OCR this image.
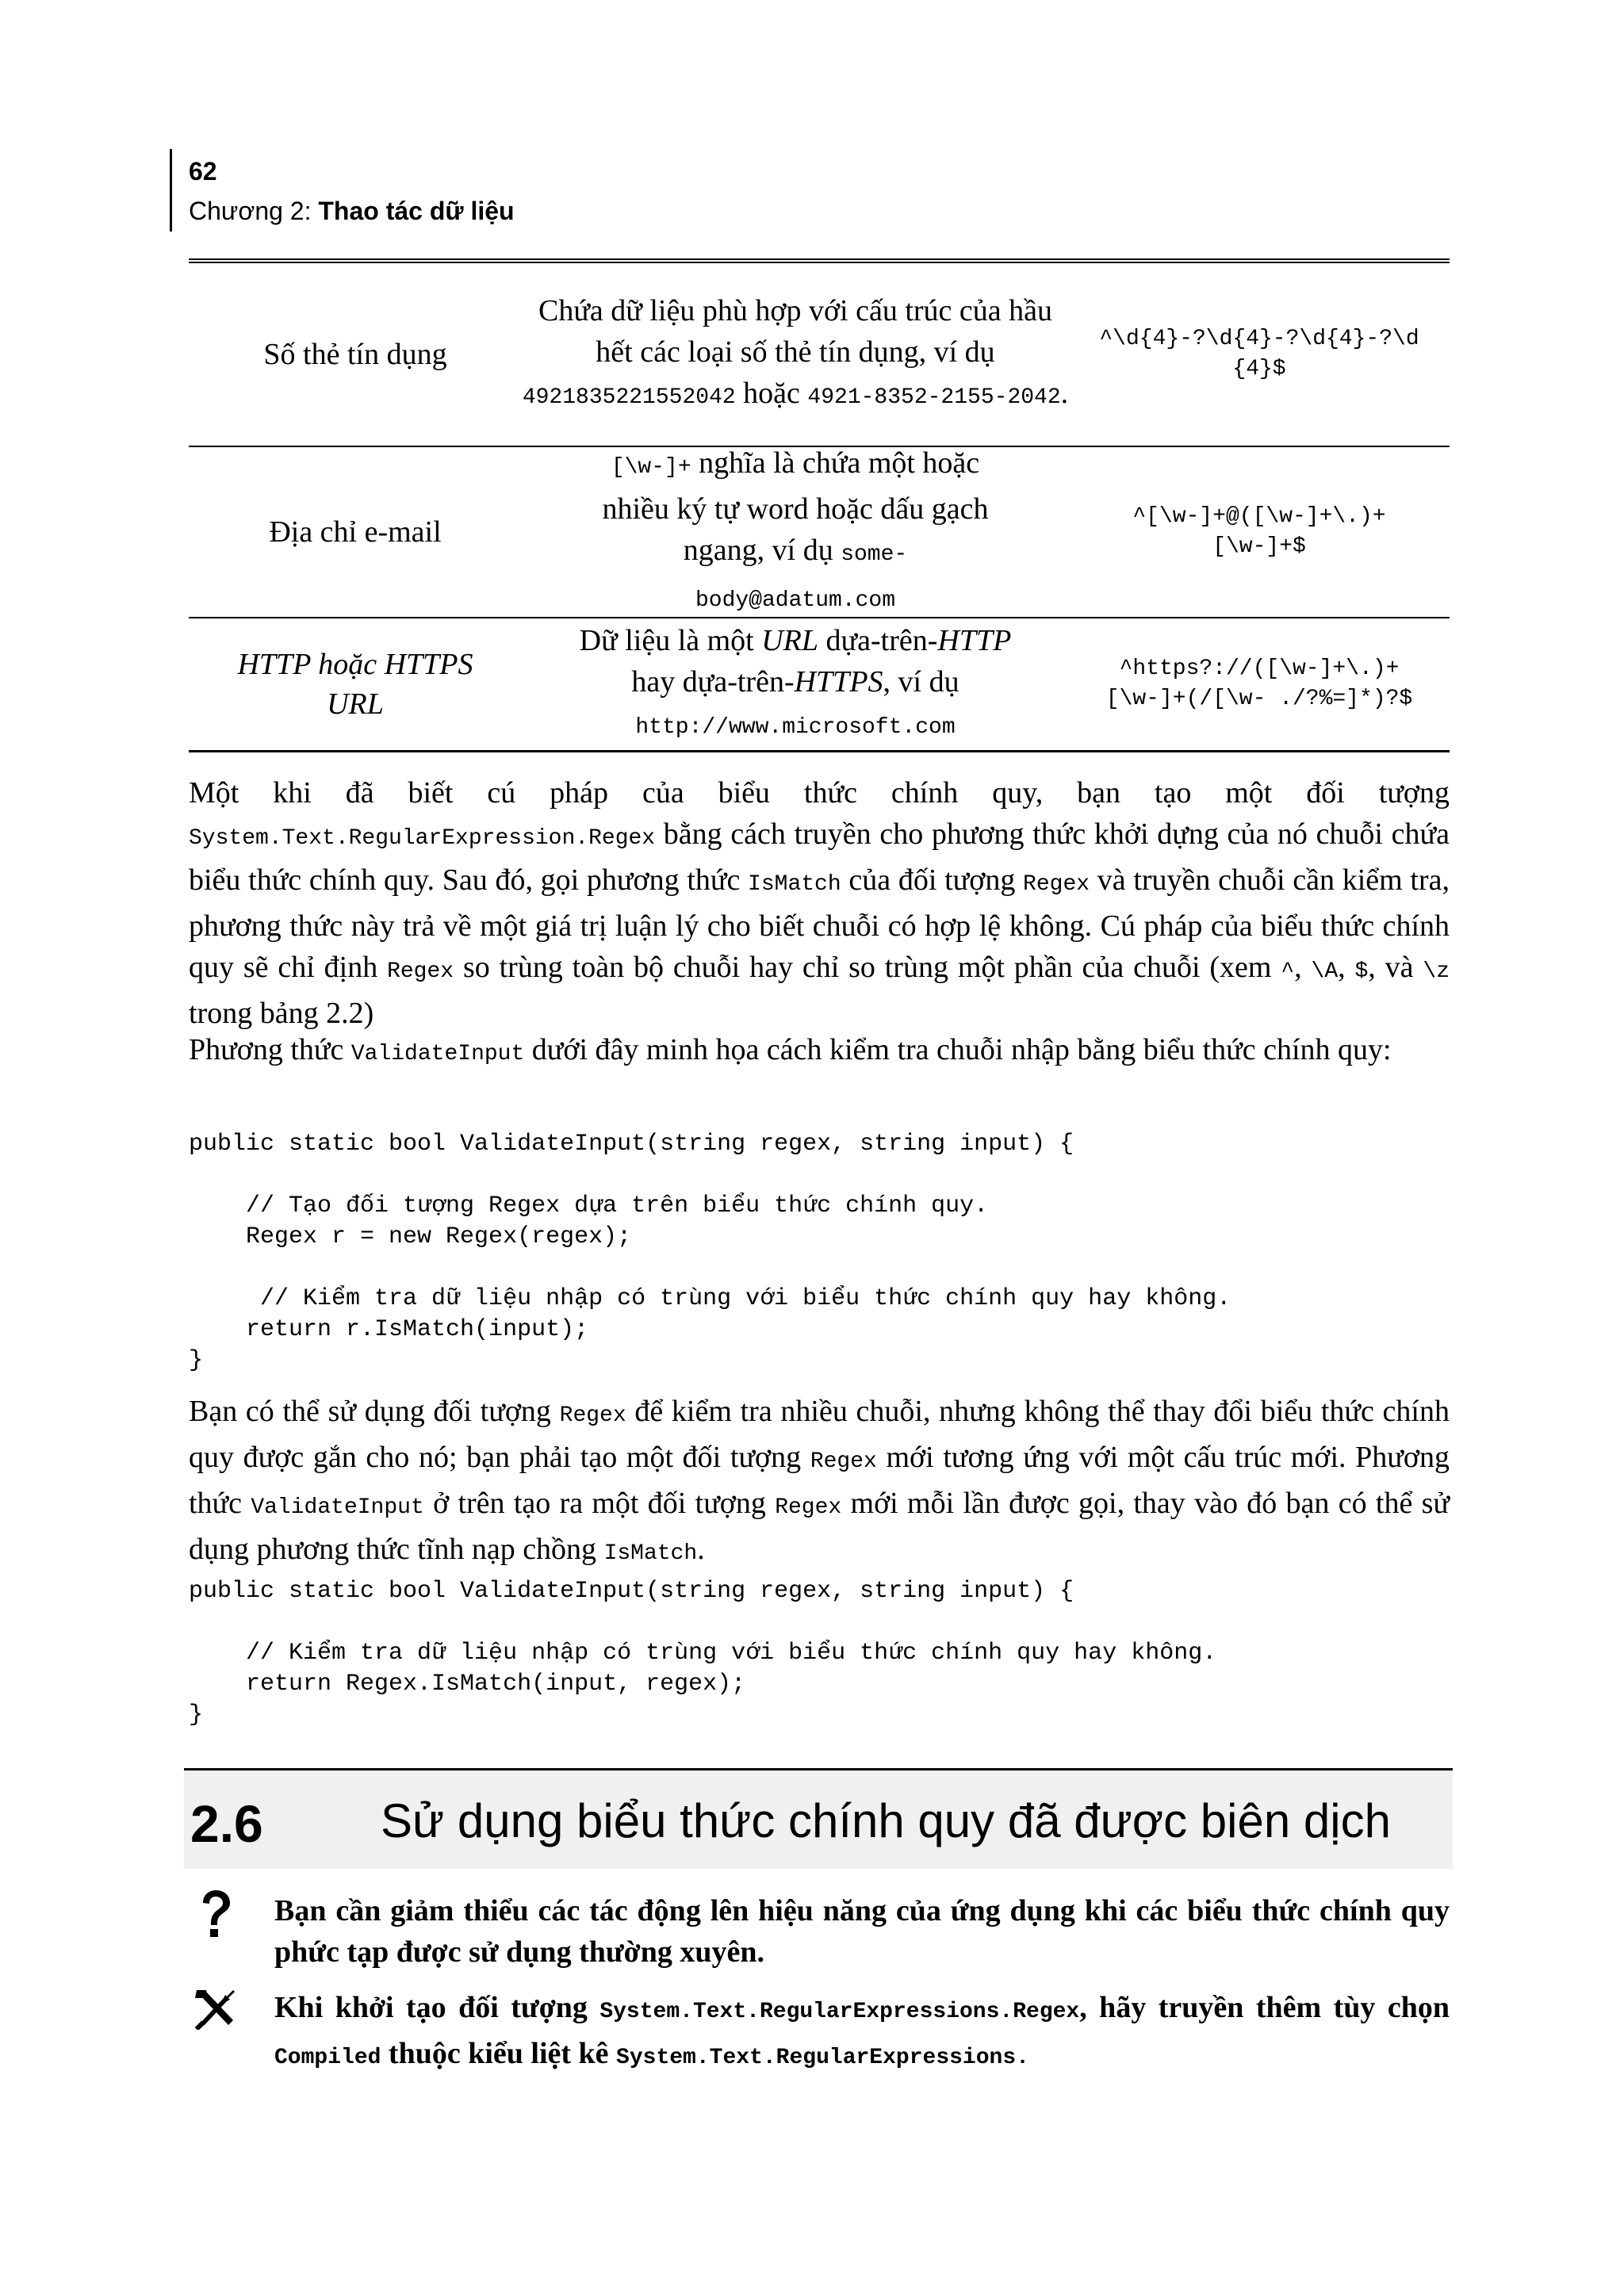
62
Chương 2: Thao tác dữ liệu
Số thẻ tín dụng
Chứa dữ liệu phù hợp với cấu trúc của hầu hết các loại số thẻ tín dụng, ví dụ 4921835221552042 hoặc 4921-8352-2155-2042.
^\d{4}-?\d{4}-?\d{4}-?\d{4}$
Địa chỉ e-mail
[\w-]+ nghĩa là chứa một hoặc nhiều ký tự word hoặc dấu gạch ngang, ví dụ some-body@adatum.com
^[\w-]+@([\w-]+\.)+[\w-]+$
HTTP hoặc HTTPS URL
Dữ liệu là một URL dựa-trên-HTTP hay dựa-trên-HTTPS, ví dụ http://www.microsoft.com
^https?://([\w-]+\.)+[\w-]+(/[\w- ./?%=]*)?$
Một khi đã biết cú pháp của biểu thức chính quy, bạn tạo một đối tượng System.Text.RegularExpression.Regex bằng cách truyền cho phương thức khởi dựng của nó chuỗi chứa biểu thức chính quy. Sau đó, gọi phương thức IsMatch của đối tượng Regex và truyền chuỗi cần kiểm tra, phương thức này trả về một giá trị luận lý cho biết chuỗi có hợp lệ không. Cú pháp của biểu thức chính quy sẽ chỉ định Regex so trùng toàn bộ chuỗi hay chỉ so trùng một phần của chuỗi (xem ^, \A, $, và \z trong bảng 2.2)
Phương thức ValidateInput dưới đây minh họa cách kiểm tra chuỗi nhập bằng biểu thức chính quy:
public static bool ValidateInput(string regex, string input) {

// Tạo đối tượng Regex dựa trên biểu thức chính quy.
Regex r = new Regex(regex);

// Kiểm tra dữ liệu nhập có trùng với biểu thức chính quy hay không.
return r.IsMatch(input);
}
Bạn có thể sử dụng đối tượng Regex để kiểm tra nhiều chuỗi, nhưng không thể thay đổi biểu thức chính quy được gắn cho nó; bạn phải tạo một đối tượng Regex mới tương ứng với một cấu trúc mới. Phương thức ValidateInput ở trên tạo ra một đối tượng Regex mới mỗi lần được gọi, thay vào đó bạn có thể sử dụng phương thức tĩnh nạp chồng IsMatch.
public static bool ValidateInput(string regex, string input) {

// Kiểm tra dữ liệu nhập có trùng với biểu thức chính quy hay không.
return Regex.IsMatch(input, regex);
}
2.6 Sử dụng biểu thức chính quy đã được biên dịch
Bạn cần giảm thiểu các tác động lên hiệu năng của ứng dụng khi các biểu thức chính quy phức tạp được sử dụng thường xuyên.
Khi khởi tạo đối tượng System.Text.RegularExpressions.Regex, hãy truyền thêm tùy chọn Compiled thuộc kiểu liệt kê System.Text.RegularExpressions.
